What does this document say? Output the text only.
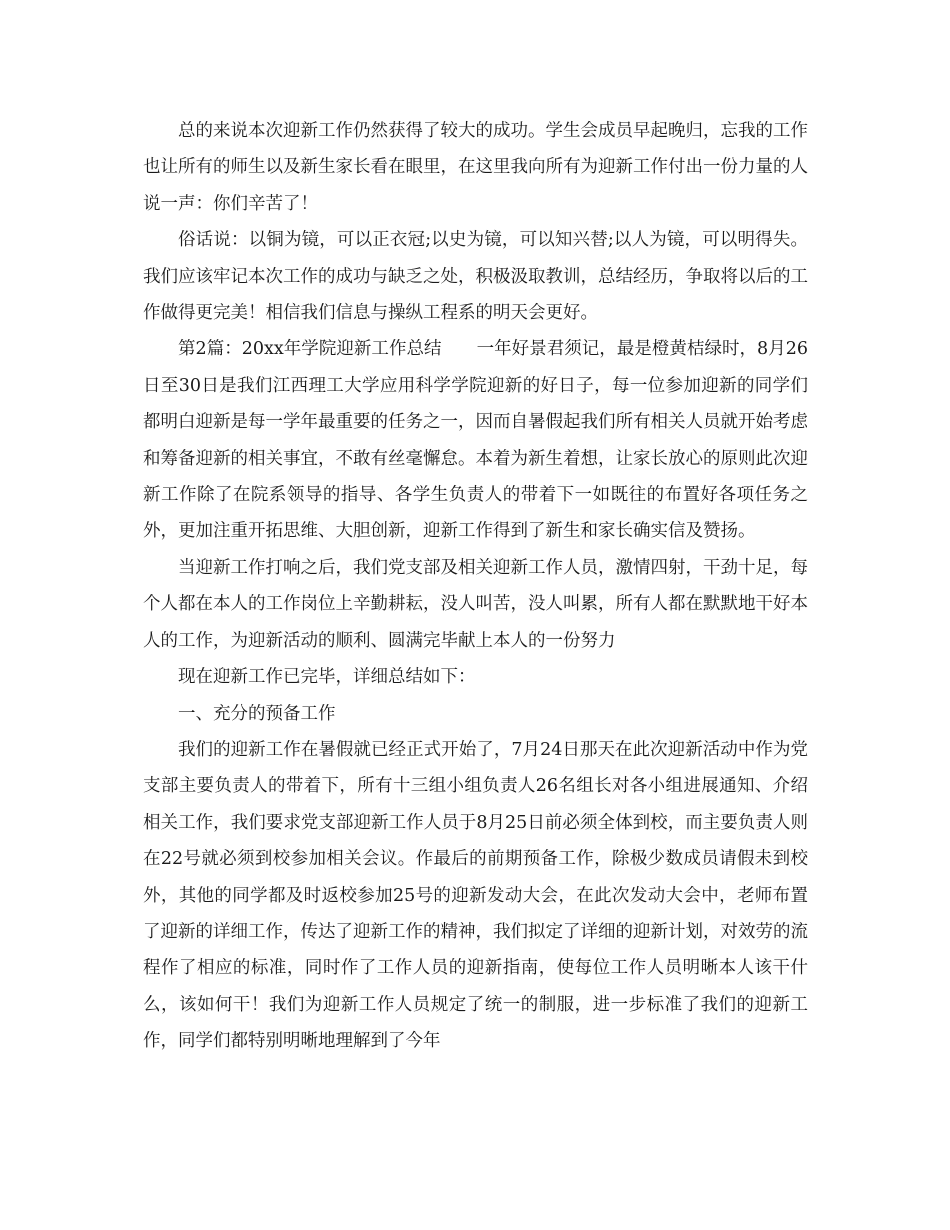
总的来说本次迎新工作仍然获得了较大的成功。学生会成员早起晚归，忘我的工作也让所有的师生以及新生家长看在眼里，在这里我向所有为迎新工作付出一份力量的人说一声：你们辛苦了！

俗话说：以铜为镜，可以正衣冠;以史为镜，可以知兴替;以人为镜，可以明得失。我们应该牢记本次工作的成功与缺乏之处，积极汲取教训，总结经历，争取将以后的工作做得更完美！相信我们信息与操纵工程系的明天会更好。

第2篇：20xx年学院迎新工作总结　　一年好景君须记，最是橙黄桔绿时，8月26日至30日是我们江西理工大学应用科学学院迎新的好日子，每一位参加迎新的同学们都明白迎新是每一学年最重要的任务之一，因而自暑假起我们所有相关人员就开始考虑和筹备迎新的相关事宜，不敢有丝毫懈怠。本着为新生着想，让家长放心的原则此次迎新工作除了在院系领导的指导、各学生负责人的带着下一如既往的布置好各项任务之外，更加注重开拓思维、大胆创新，迎新工作得到了新生和家长确实信及赞扬。

当迎新工作打响之后，我们党支部及相关迎新工作人员，激情四射，干劲十足，每个人都在本人的工作岗位上辛勤耕耘，没人叫苦，没人叫累，所有人都在默默地干好本人的工作，为迎新活动的顺利、圆满完毕献上本人的一份努力

现在迎新工作已完毕，详细总结如下：

一、充分的预备工作

我们的迎新工作在暑假就已经正式开始了，7月24日那天在此次迎新活动中作为党支部主要负责人的带着下，所有十三组小组负责人26名组长对各小组进展通知、介绍相关工作，我们要求党支部迎新工作人员于8月25日前必须全体到校，而主要负责人则在22号就必须到校参加相关会议。作最后的前期预备工作，除极少数成员请假未到校外，其他的同学都及时返校参加25号的迎新发动大会，在此次发动大会中，老师布置了迎新的详细工作，传达了迎新工作的精神，我们拟定了详细的迎新计划，对效劳的流程作了相应的标准，同时作了工作人员的迎新指南，使每位工作人员明晰本人该干什么，该如何干！我们为迎新工作人员规定了统一的制服，进一步标准了我们的迎新工作，同学们都特别明晰地理解到了今年
